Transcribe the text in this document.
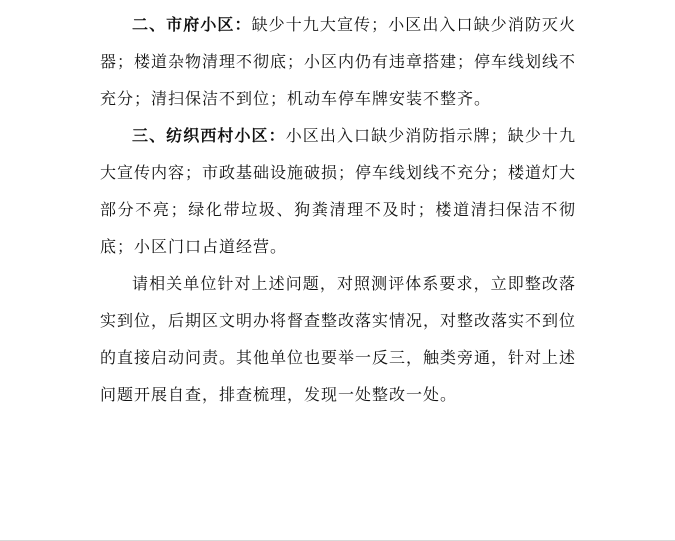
二、市府小区：缺少十九大宣传；小区出入口缺少消防灭火器；楼道杂物清理不彻底；小区内仍有违章搭建；停车线划线不充分；清扫保洁不到位；机动车停车牌安装不整齐。

三、纺织西村小区：小区出入口缺少消防指示牌；缺少十九大宣传内容；市政基础设施破损；停车线划线不充分；楼道灯大部分不亮；绿化带垃圾、狗粪清理不及时；楼道清扫保洁不彻底；小区门口占道经营。

请相关单位针对上述问题，对照测评体系要求，立即整改落实到位，后期区文明办将督查整改落实情况，对整改落实不到位的直接启动问责。其他单位也要举一反三，触类旁通，针对上述问题开展自查，排查梳理，发现一处整改一处。
